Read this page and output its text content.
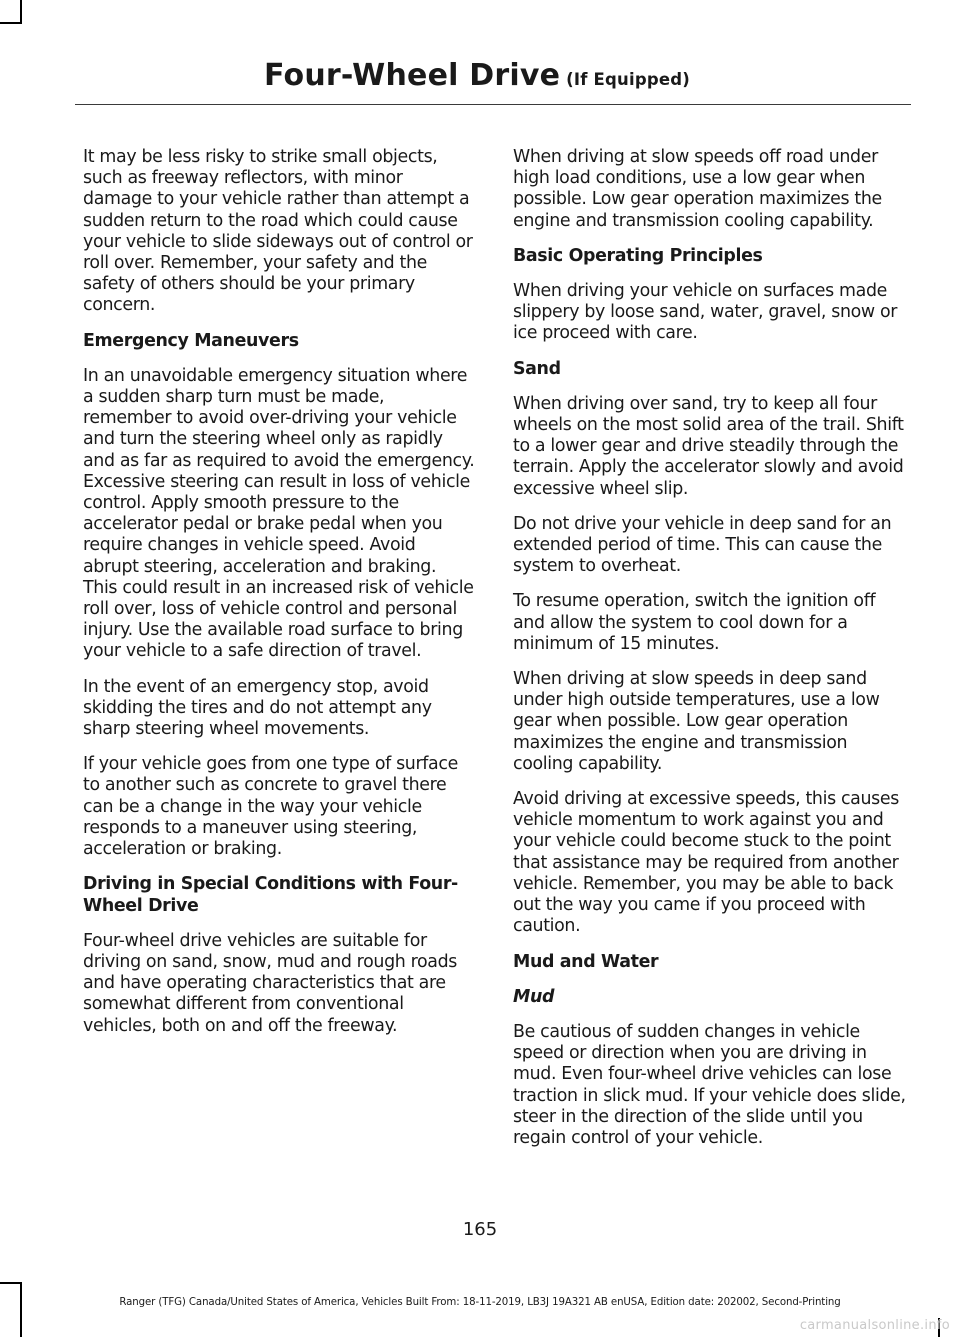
Four-Wheel Drive (If Equipped)

It may be less risky to strike small objects, such as freeway reflectors, with minor damage to your vehicle rather than attempt a sudden return to the road which could cause your vehicle to slide sideways out of control or roll over. Remember, your safety and the safety of others should be your primary concern.

Emergency Maneuvers

In an unavoidable emergency situation where a sudden sharp turn must be made, remember to avoid over-driving your vehicle and turn the steering wheel only as rapidly and as far as required to avoid the emergency. Excessive steering can result in loss of vehicle control. Apply smooth pressure to the accelerator pedal or brake pedal when you require changes in vehicle speed. Avoid abrupt steering, acceleration and braking. This could result in an increased risk of vehicle roll over, loss of vehicle control and personal injury. Use the available road surface to bring your vehicle to a safe direction of travel.

In the event of an emergency stop, avoid skidding the tires and do not attempt any sharp steering wheel movements.

If your vehicle goes from one type of surface to another such as concrete to gravel there can be a change in the way your vehicle responds to a maneuver using steering, acceleration or braking.

Driving in Special Conditions with Four-Wheel Drive

Four-wheel drive vehicles are suitable for driving on sand, snow, mud and rough roads and have operating characteristics that are somewhat different from conventional vehicles, both on and off the freeway.

When driving at slow speeds off road under high load conditions, use a low gear when possible. Low gear operation maximizes the engine and transmission cooling capability.

Basic Operating Principles

When driving your vehicle on surfaces made slippery by loose sand, water, gravel, snow or ice proceed with care.

Sand

When driving over sand, try to keep all four wheels on the most solid area of the trail. Shift to a lower gear and drive steadily through the terrain. Apply the accelerator slowly and avoid excessive wheel slip.

Do not drive your vehicle in deep sand for an extended period of time. This can cause the system to overheat.

To resume operation, switch the ignition off and allow the system to cool down for a minimum of 15 minutes.

When driving at slow speeds in deep sand under high outside temperatures, use a low gear when possible. Low gear operation maximizes the engine and transmission cooling capability.

Avoid driving at excessive speeds, this causes vehicle momentum to work against you and your vehicle could become stuck to the point that assistance may be required from another vehicle. Remember, you may be able to back out the way you came if you proceed with caution.

Mud and Water
Mud

Be cautious of sudden changes in vehicle speed or direction when you are driving in mud. Even four-wheel drive vehicles can lose traction in slick mud. If your vehicle does slide, steer in the direction of the slide until you regain control of your vehicle.

165
Ranger (TFG) Canada/United States of America, Vehicles Built From: 18-11-2019, LB3J 19A321 AB enUSA, Edition date: 202002, Second-Printing
carmanualsonline.info
